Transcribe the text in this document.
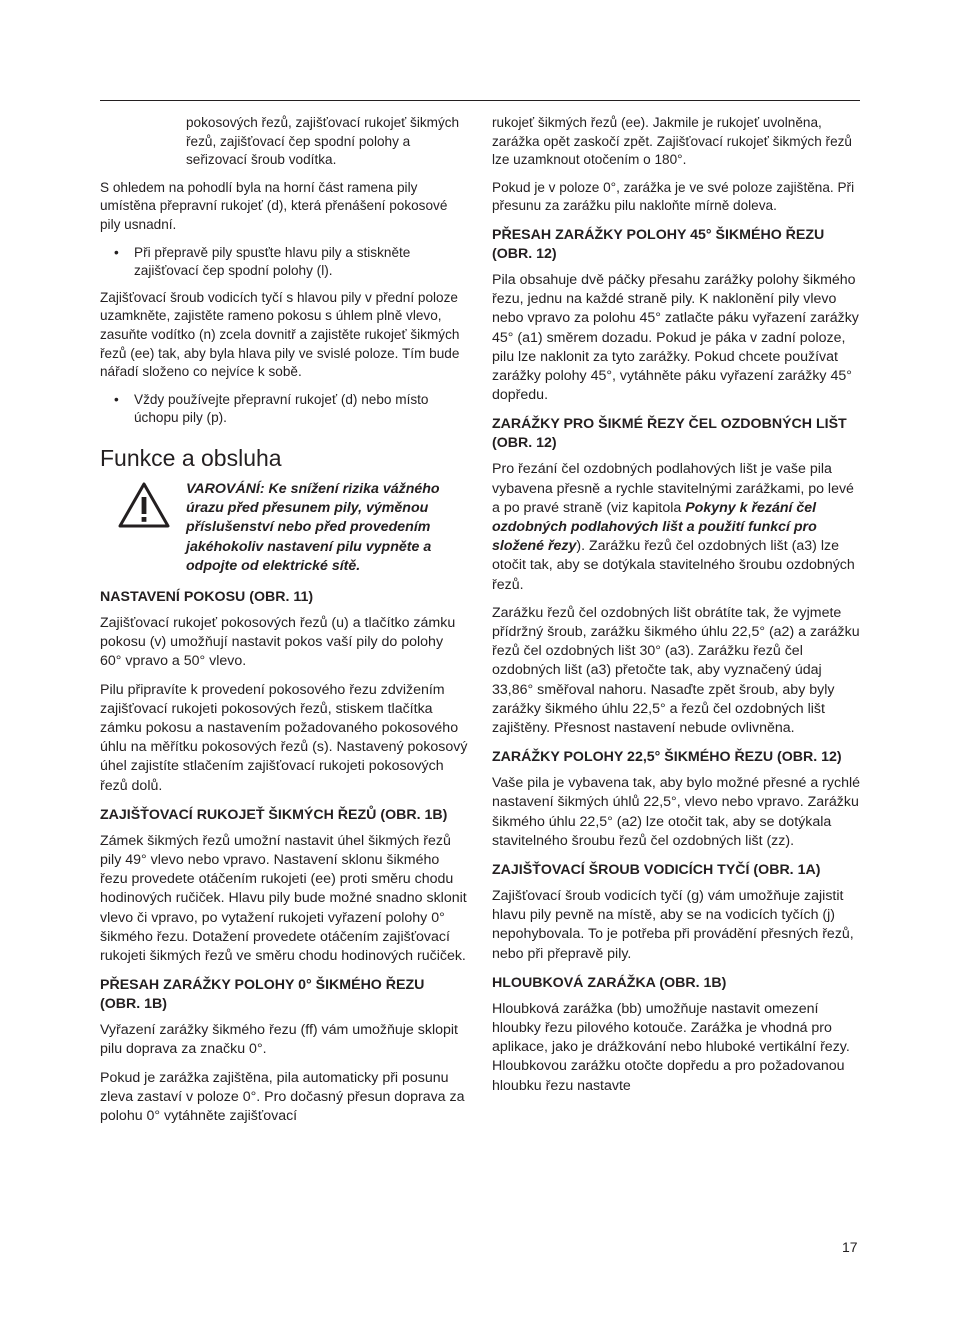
pokosových řezů, zajišťovací rukojeť šikmých řezů, zajišťovací čep spodní polohy a seřizovací šroub vodítka.

S ohledem na pohodlí byla na horní část ramena pily umístěna přepravní rukojeť (d), která přenášení pokosové pily usnadní.

• Při přepravě pily spusťte hlavu pily a stiskněte zajišťovací čep spodní polohy (l).

Zajišťovací šroub vodicích tyčí s hlavou pily v přední poloze uzamkněte, zajistěte rameno pokosu s úhlem plně vlevo, zasuňte vodítko (n) zcela dovnitř a zajistěte rukojeť šikmých řezů (ee) tak, aby byla hlava pily ve svislé poloze. Tím bude nářadí složeno co nejvíce k sobě.

• Vždy používejte přepravní rukojeť (d) nebo místo úchopu pily (p).

Funkce a obsluha
VAROVÁNÍ: Ke snížení rizika vážného úrazu před přesunem pily, výměnou příslušenství nebo před provedením jakéhokoliv nastavení pilu vypněte a odpojte od elektrické sítě.
NASTAVENÍ POKOSU (OBR. 11)

Zajišťovací rukojeť pokosových řezů (u) a tlačítko zámku pokosu (v) umožňují nastavit pokos vaší pily do polohy 60° vpravo a 50° vlevo.

Pilu připravíte k provedení pokosového řezu zdvižením zajišťovací rukojeti pokosových řezů, stiskem tlačítka zámku pokosu a nastavením požadovaného pokosového úhlu na měřítku pokosových řezů (s). Nastavený pokosový úhel zajistíte stlačením zajišťovací rukojeti pokosových řezů dolů.

ZAJIŠŤOVACÍ RUKOJEŤ ŠIKMÝCH ŘEZŮ (OBR. 1B)

Zámek šikmých řezů umožní nastavit úhel šikmých řezů pily 49° vlevo nebo vpravo. Nastavení sklonu šikmého řezu provedete otáčením rukojeti (ee) proti směru chodu hodinových ručiček. Hlavu pily bude možné snadno sklonit vlevo či vpravo, po vytažení rukojeti vyřazení polohy 0° šikmého řezu. Dotažení provedete otáčením zajišťovací rukojeti šikmých řezů ve směru chodu hodinových ručiček.

PŘESAH ZARÁŽKY POLOHY 0° ŠIKMÉHO ŘEZU (OBR. 1B)

Vyřazení zarážky šikmého řezu (ff) vám umožňuje sklopit pilu doprava za značku 0°.

Pokud je zarážka zajištěna, pila automaticky při posunu zleva zastaví v poloze 0°. Pro dočasný přesun doprava za polohu 0° vytáhněte zajišťovací

rukojeť šikmých řezů (ee). Jakmile je rukojeť uvolněna, zarážka opět zaskočí zpět. Zajišťovací rukojeť šikmých řezů lze uzamknout otočením o 180°.

Pokud je v poloze 0°, zarážka je ve své poloze zajištěna. Při přesunu za zarážku pilu nakloňte mírně doleva.

PŘESAH ZARÁŽKY POLOHY 45° ŠIKMÉHO ŘEZU (OBR. 12)

Pila obsahuje dvě páčky přesahu zarážky polohy šikmého řezu, jednu na každé straně pily. K naklonění pily vlevo nebo vpravo za polohu 45° zatlačte páku vyřazení zarážky 45° (a1) směrem dozadu. Pokud je páka v zadní poloze, pilu lze naklonit za tyto zarážky. Pokud chcete používat zarážky polohy 45°, vytáhněte páku vyřazení zarážky 45° dopředu.

ZARÁŽKY PRO ŠIKMÉ ŘEZY ČEL OZDOBNÝCH LIŠT (OBR. 12)

Pro řezání čel ozdobných podlahových lišt je vaše pila vybavena přesně a rychle stavitelnými zarážkami, po levé a po pravé straně (viz kapitola Pokyny k řezání čel ozdobných podlahových lišt a použití funkcí pro složené řezy). Zarážku řezů čel ozdobných lišt (a3) lze otočit tak, aby se dotýkala stavitelného šroubu ozdobných řezů.

Zarážku řezů čel ozdobných lišt obrátíte tak, že vyjmete přídržný šroub, zarážku šikmého úhlu 22,5° (a2) a zarážku řezů čel ozdobných lišt 30° (a3). Zarážku řezů čel ozdobných lišt (a3) přetočte tak, aby vyznačený údaj 33,86° směřoval nahoru. Nasaďte zpět šroub, aby byly zarážky šikmého úhlu 22,5° a řezů čel ozdobných lišt zajištěny. Přesnost nastavení nebude ovlivněna.

ZARÁŽKY POLOHY 22,5° ŠIKMÉHO ŘEZU (OBR. 12)

Vaše pila je vybavena tak, aby bylo možné přesné a rychlé nastavení šikmých úhlů 22,5°, vlevo nebo vpravo. Zarážku šikmého úhlu 22,5° (a2) lze otočit tak, aby se dotýkala stavitelného šroubu řezů čel ozdobných lišt (zz).

ZAJIŠŤOVACÍ ŠROUB VODICÍCH TYČÍ (OBR. 1A)

Zajišťovací šroub vodicích tyčí (g) vám umožňuje zajistit hlavu pily pevně na místě, aby se na vodicích tyčích (j) nepohybovala. To je potřeba při provádění přesných řezů, nebo při přepravě pily.

HLOUBKOVÁ ZARÁŽKA (OBR. 1B)

Hloubková zarážka (bb) umožňuje nastavit omezení hloubky řezu pilového kotouče. Zarážka je vhodná pro aplikace, jako je drážkování nebo hluboké vertikální řezy. Hloubkovou zarážku otočte dopředu a pro požadovanou hloubku řezu nastavte

17
